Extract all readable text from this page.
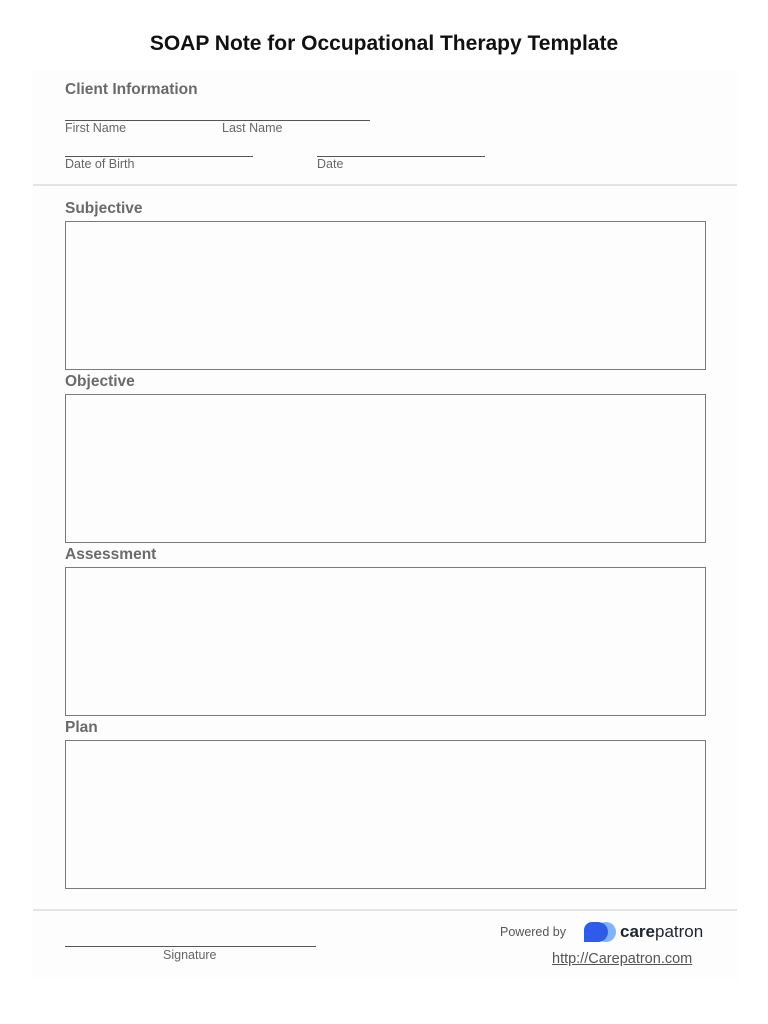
SOAP Note for Occupational Therapy Template
Client Information
First Name	Last Name
Date of Birth	Date
Subjective
Objective
Assessment
Plan
Signature
Powered by	carepatron
http://Carepatron.com
